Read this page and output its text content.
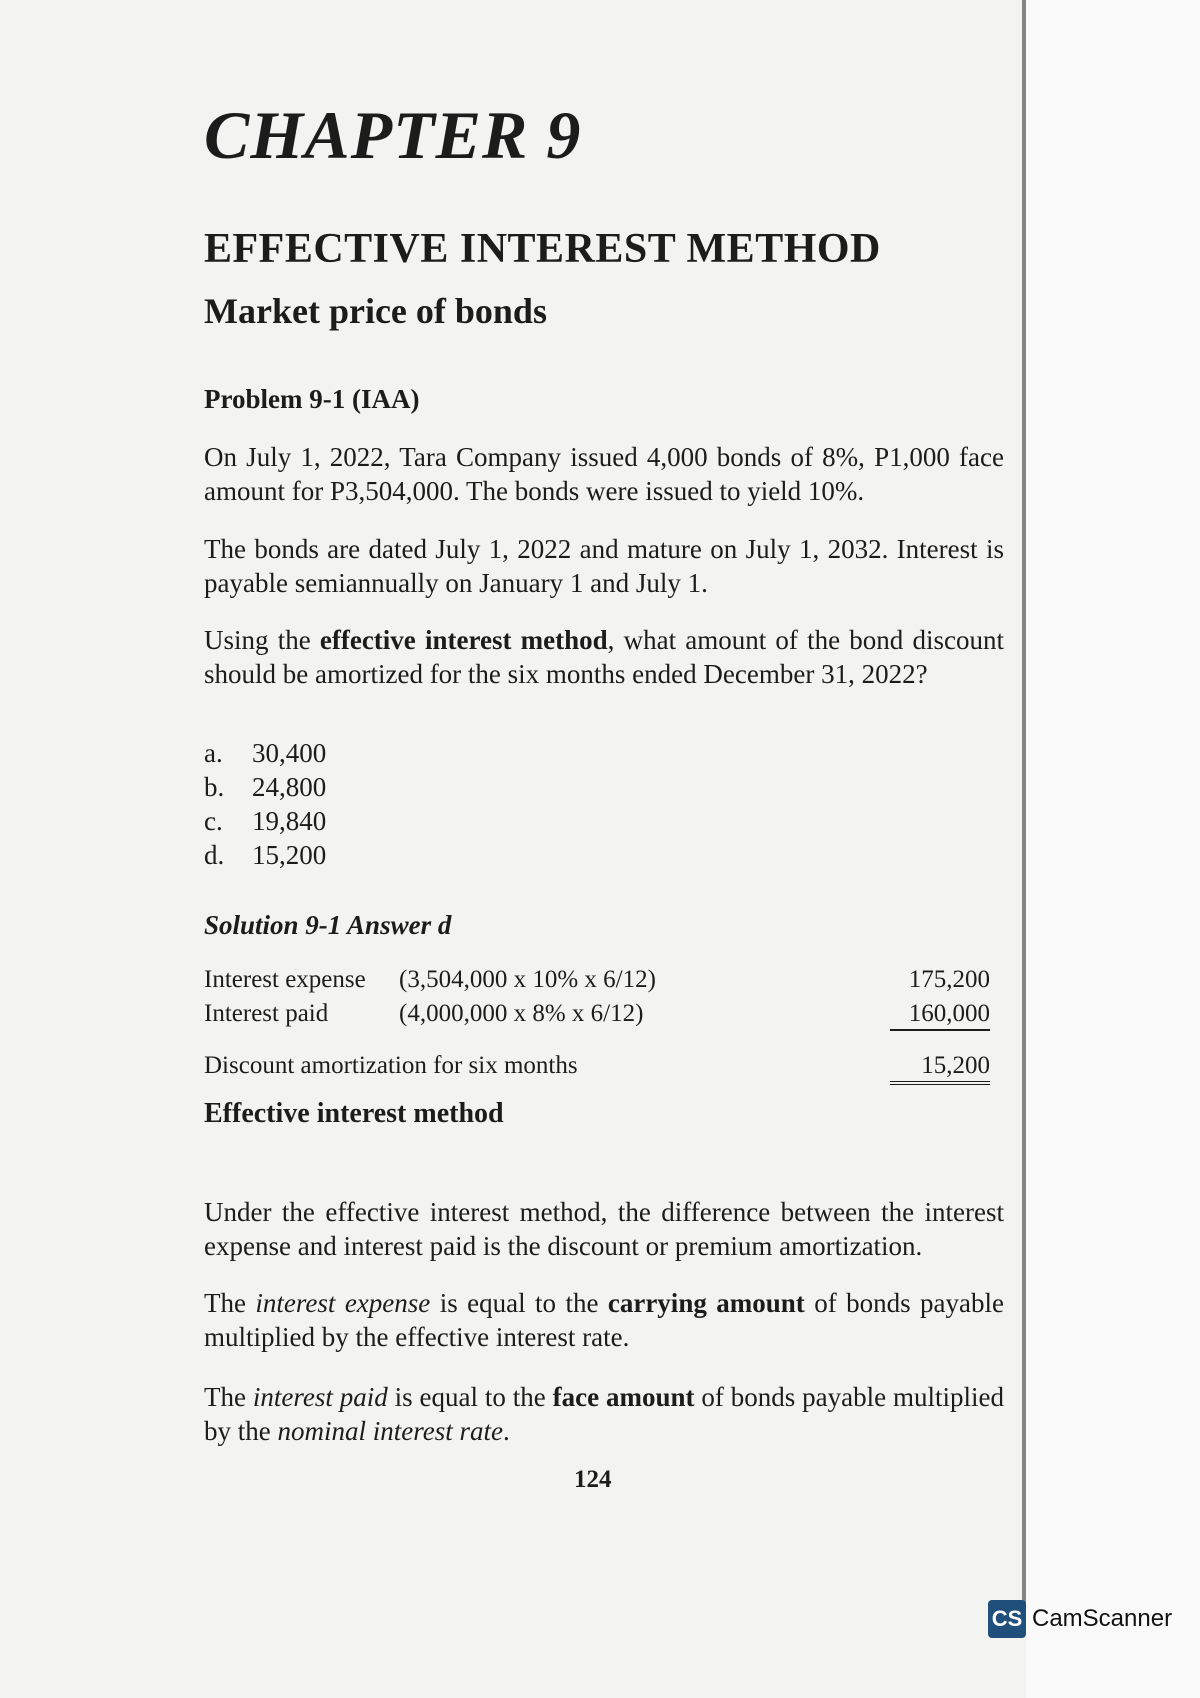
CHAPTER 9
EFFECTIVE INTEREST METHOD
Market price of bonds
Problem 9-1 (IAA)

On July 1, 2022, Tara Company issued 4,000 bonds of 8%, P1,000 face amount for P3,504,000. The bonds were issued to yield 10%.

The bonds are dated July 1, 2022 and mature on July 1, 2032. Interest is payable semiannually on January 1 and July 1.

Using the effective interest method, what amount of the bond discount should be amortized for the six months ended December 31, 2022?

a.	30,400
b.	24,800
c.	19,840
d.	15,200
Solution 9-1 Answer d
Interest expense	(3,504,000 x 10% x 6/12)	175,200
Interest paid	(4,000,000 x 8% x 6/12)	160,000
Discount amortization for six months	15,200
Effective interest method

Under the effective interest method, the difference between the interest expense and interest paid is the discount or premium amortization.

The interest expense is equal to the carrying amount of bonds payable multiplied by the effective interest rate.

The interest paid is equal to the face amount of bonds payable multiplied by the nominal interest rate.

124
CS CamScanner
